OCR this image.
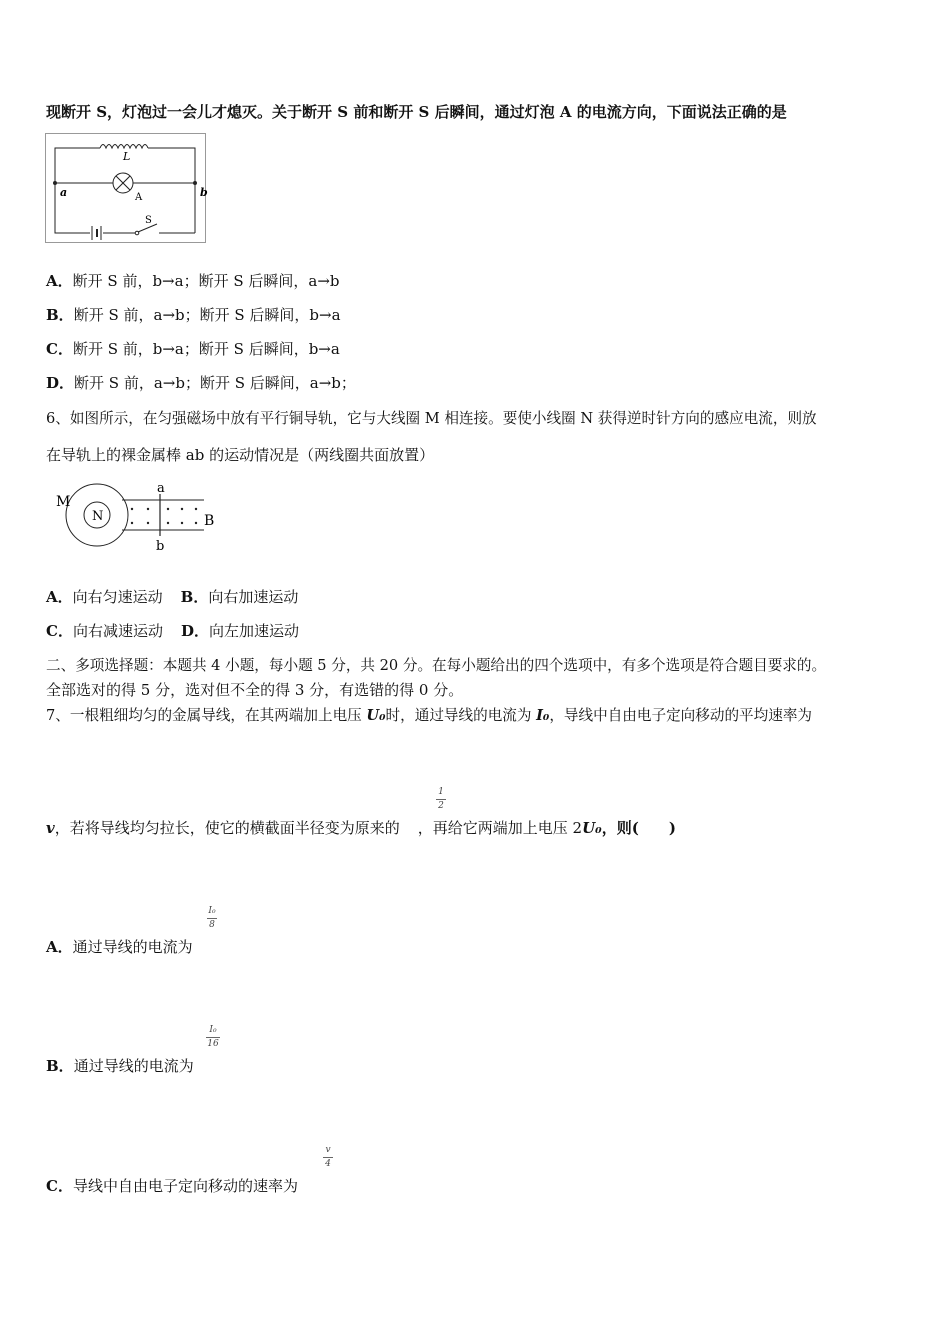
现断开 S，灯泡过一会儿才熄灭。关于断开 S 前和断开 S 后瞬间，通过灯泡 A 的电流方向，下面说法正确的是
L
a	b
A
S
A．断开 S 前，b→a；断开 S 后瞬间，a→b
B．断开 S 前，a→b；断开 S 后瞬间，b→a
C．断开 S 前，b→a；断开 S 后瞬间，b→a
D．断开 S 前，a→b；断开 S 后瞬间，a→b；
6、如图所示，在匀强磁场中放有平行铜导轨，它与大线圈 M 相连接。要使小线圈 N 获得逆时针方向的感应电流，则放
在导轨上的裸金属棒 ab 的运动情况是（两线圈共面放置）
M
N
a
b
B
A．向右匀速运动 B．向右加速运动
C．向右减速运动 D．向左加速运动
二、多项选择题：本题共 4 小题，每小题 5 分，共 20 分。在每小题给出的四个选项中，有多个选项是符合题目要求的。
全部选对的得 5 分，选对但不全的得 3 分，有选错的得 0 分。
7、一根粗细均匀的金属导线，在其两端加上电压 U₀时，通过导线的电流为 I₀，导线中自由电子定向移动的平均速率为
v，若将导线均匀拉长，使它的横截面半径变为原来的 ，再给它两端加上电压 2U₀，则(　　)
1
2
A．通过导线的电流为
I₀
8
B．通过导线的电流为
I₀
16
C．导线中自由电子定向移动的速率为
v
4
